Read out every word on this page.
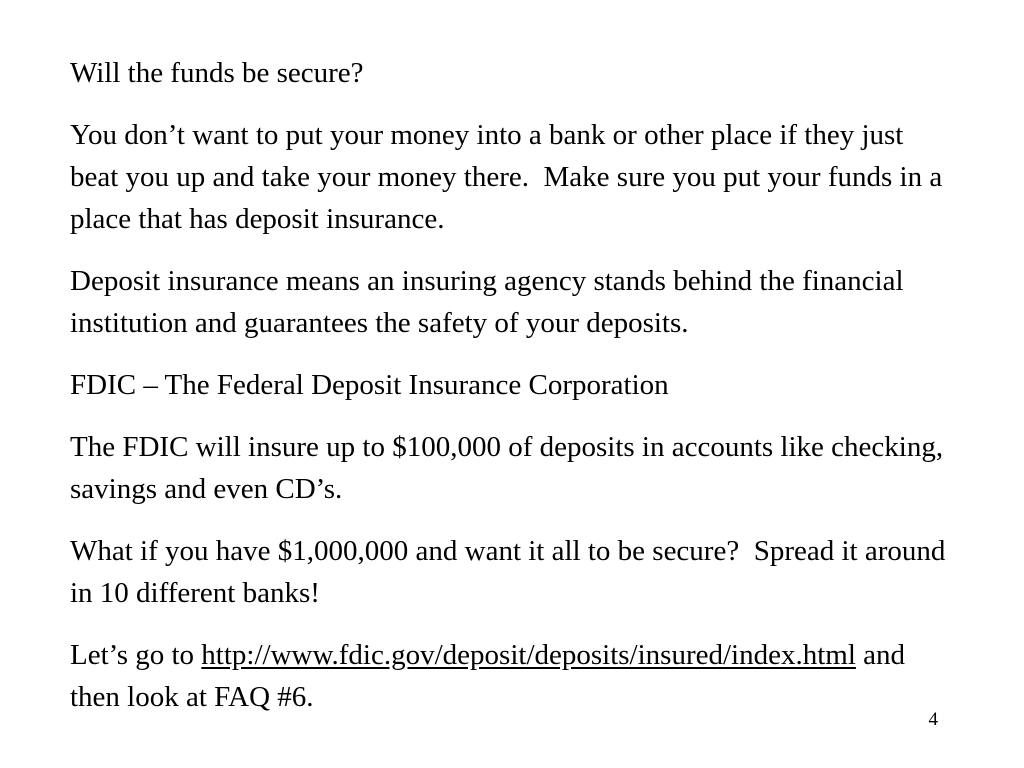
Will the funds be secure?

You don’t want to put your money into a bank or other place if they just beat you up and take your money there.  Make sure you put your funds in a place that has deposit insurance.

Deposit insurance means an insuring agency stands behind the financial institution and guarantees the safety of your deposits.

FDIC – The Federal Deposit Insurance Corporation

The FDIC will insure up to $100,000 of deposits in accounts like checking, savings and even CD’s.

What if you have $1,000,000 and want it all to be secure?  Spread it around in 10 different banks!

Let’s go to http://www.fdic.gov/deposit/deposits/insured/index.html and then look at FAQ #6.

4
